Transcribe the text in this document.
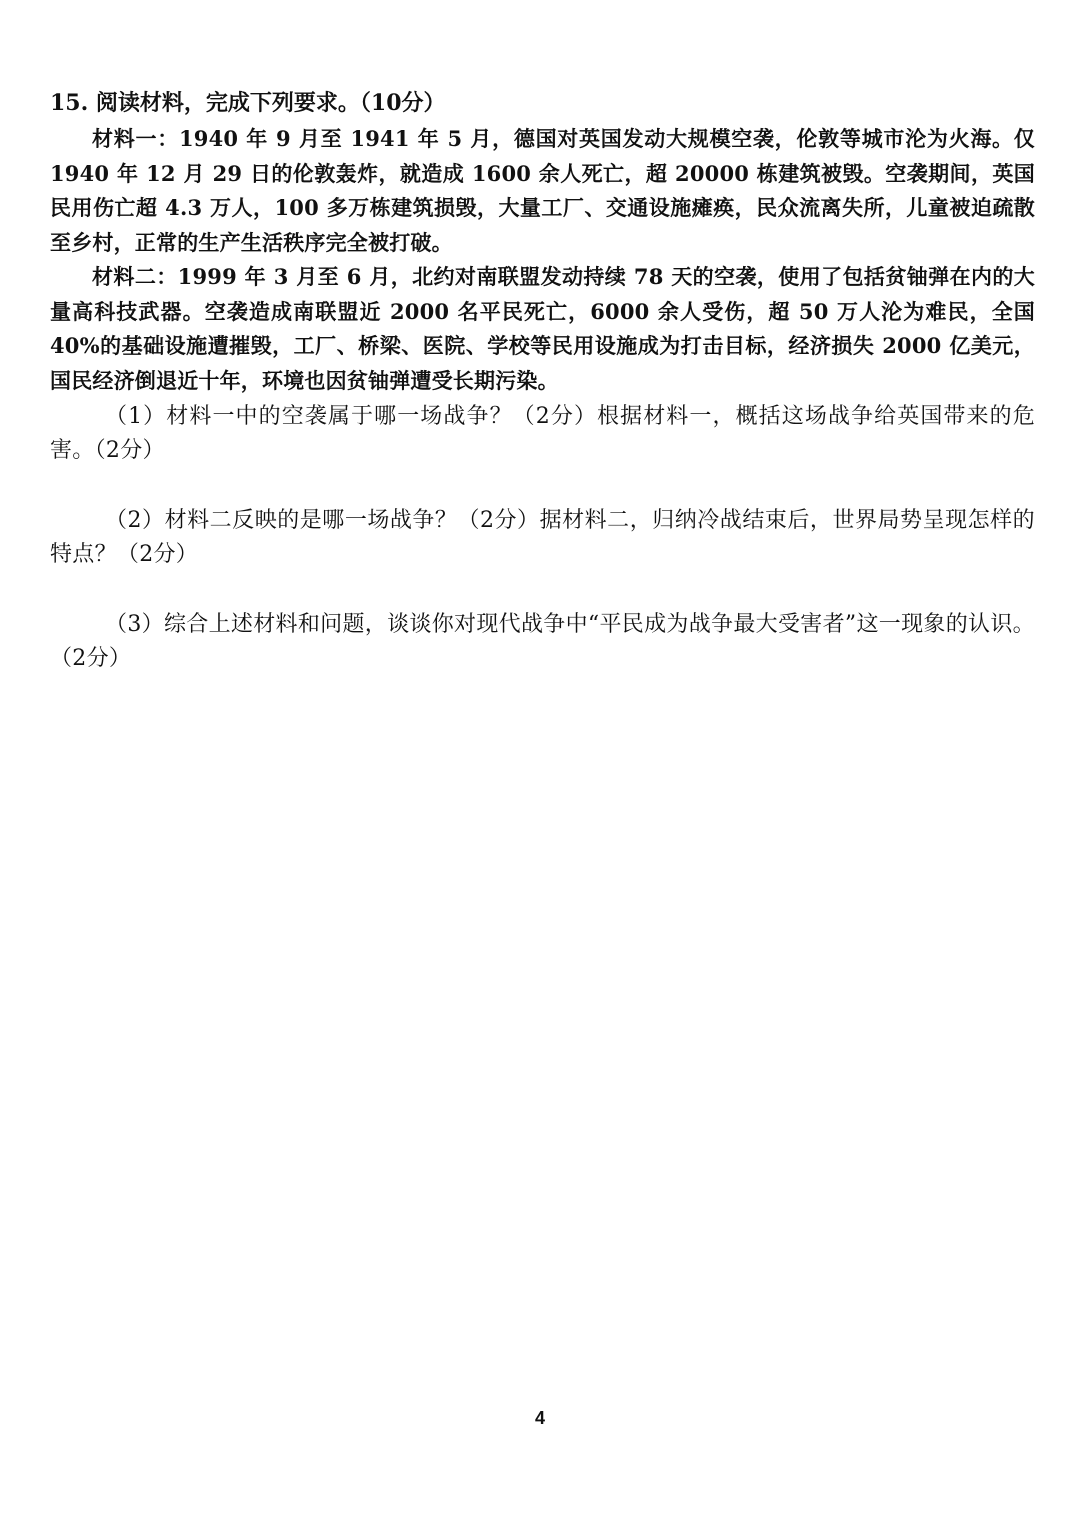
15. 阅读材料，完成下列要求。（10分）

材料一：1940 年 9 月至 1941 年 5 月，德国对英国发动大规模空袭，伦敦等城市沦为火海。仅 1940 年 12 月 29 日的伦敦轰炸，就造成 1600 余人死亡，超 20000 栋建筑被毁。空袭期间，英国民用伤亡超 4.3 万人，100 多万栋建筑损毁，大量工厂、交通设施瘫痪，民众流离失所，儿童被迫疏散至乡村，正常的生产生活秩序完全被打破。

材料二：1999 年 3 月至 6 月，北约对南联盟发动持续 78 天的空袭，使用了包括贫铀弹在内的大量高科技武器。空袭造成南联盟近 2000 名平民死亡，6000 余人受伤，超 50 万人沦为难民，全国 40%的基础设施遭摧毁，工厂、桥梁、医院、学校等民用设施成为打击目标，经济损失 2000 亿美元，国民经济倒退近十年，环境也因贫铀弹遭受长期污染。

（1）材料一中的空袭属于哪一场战争？（2分）根据材料一，概括这场战争给英国带来的危害。（2分）

（2）材料二反映的是哪一场战争？（2分）据材料二，归纳冷战结束后，世界局势呈现怎样的特点？（2分）

（3）综合上述材料和问题，谈谈你对现代战争中“平民成为战争最大受害者”这一现象的认识。（2分）

4
